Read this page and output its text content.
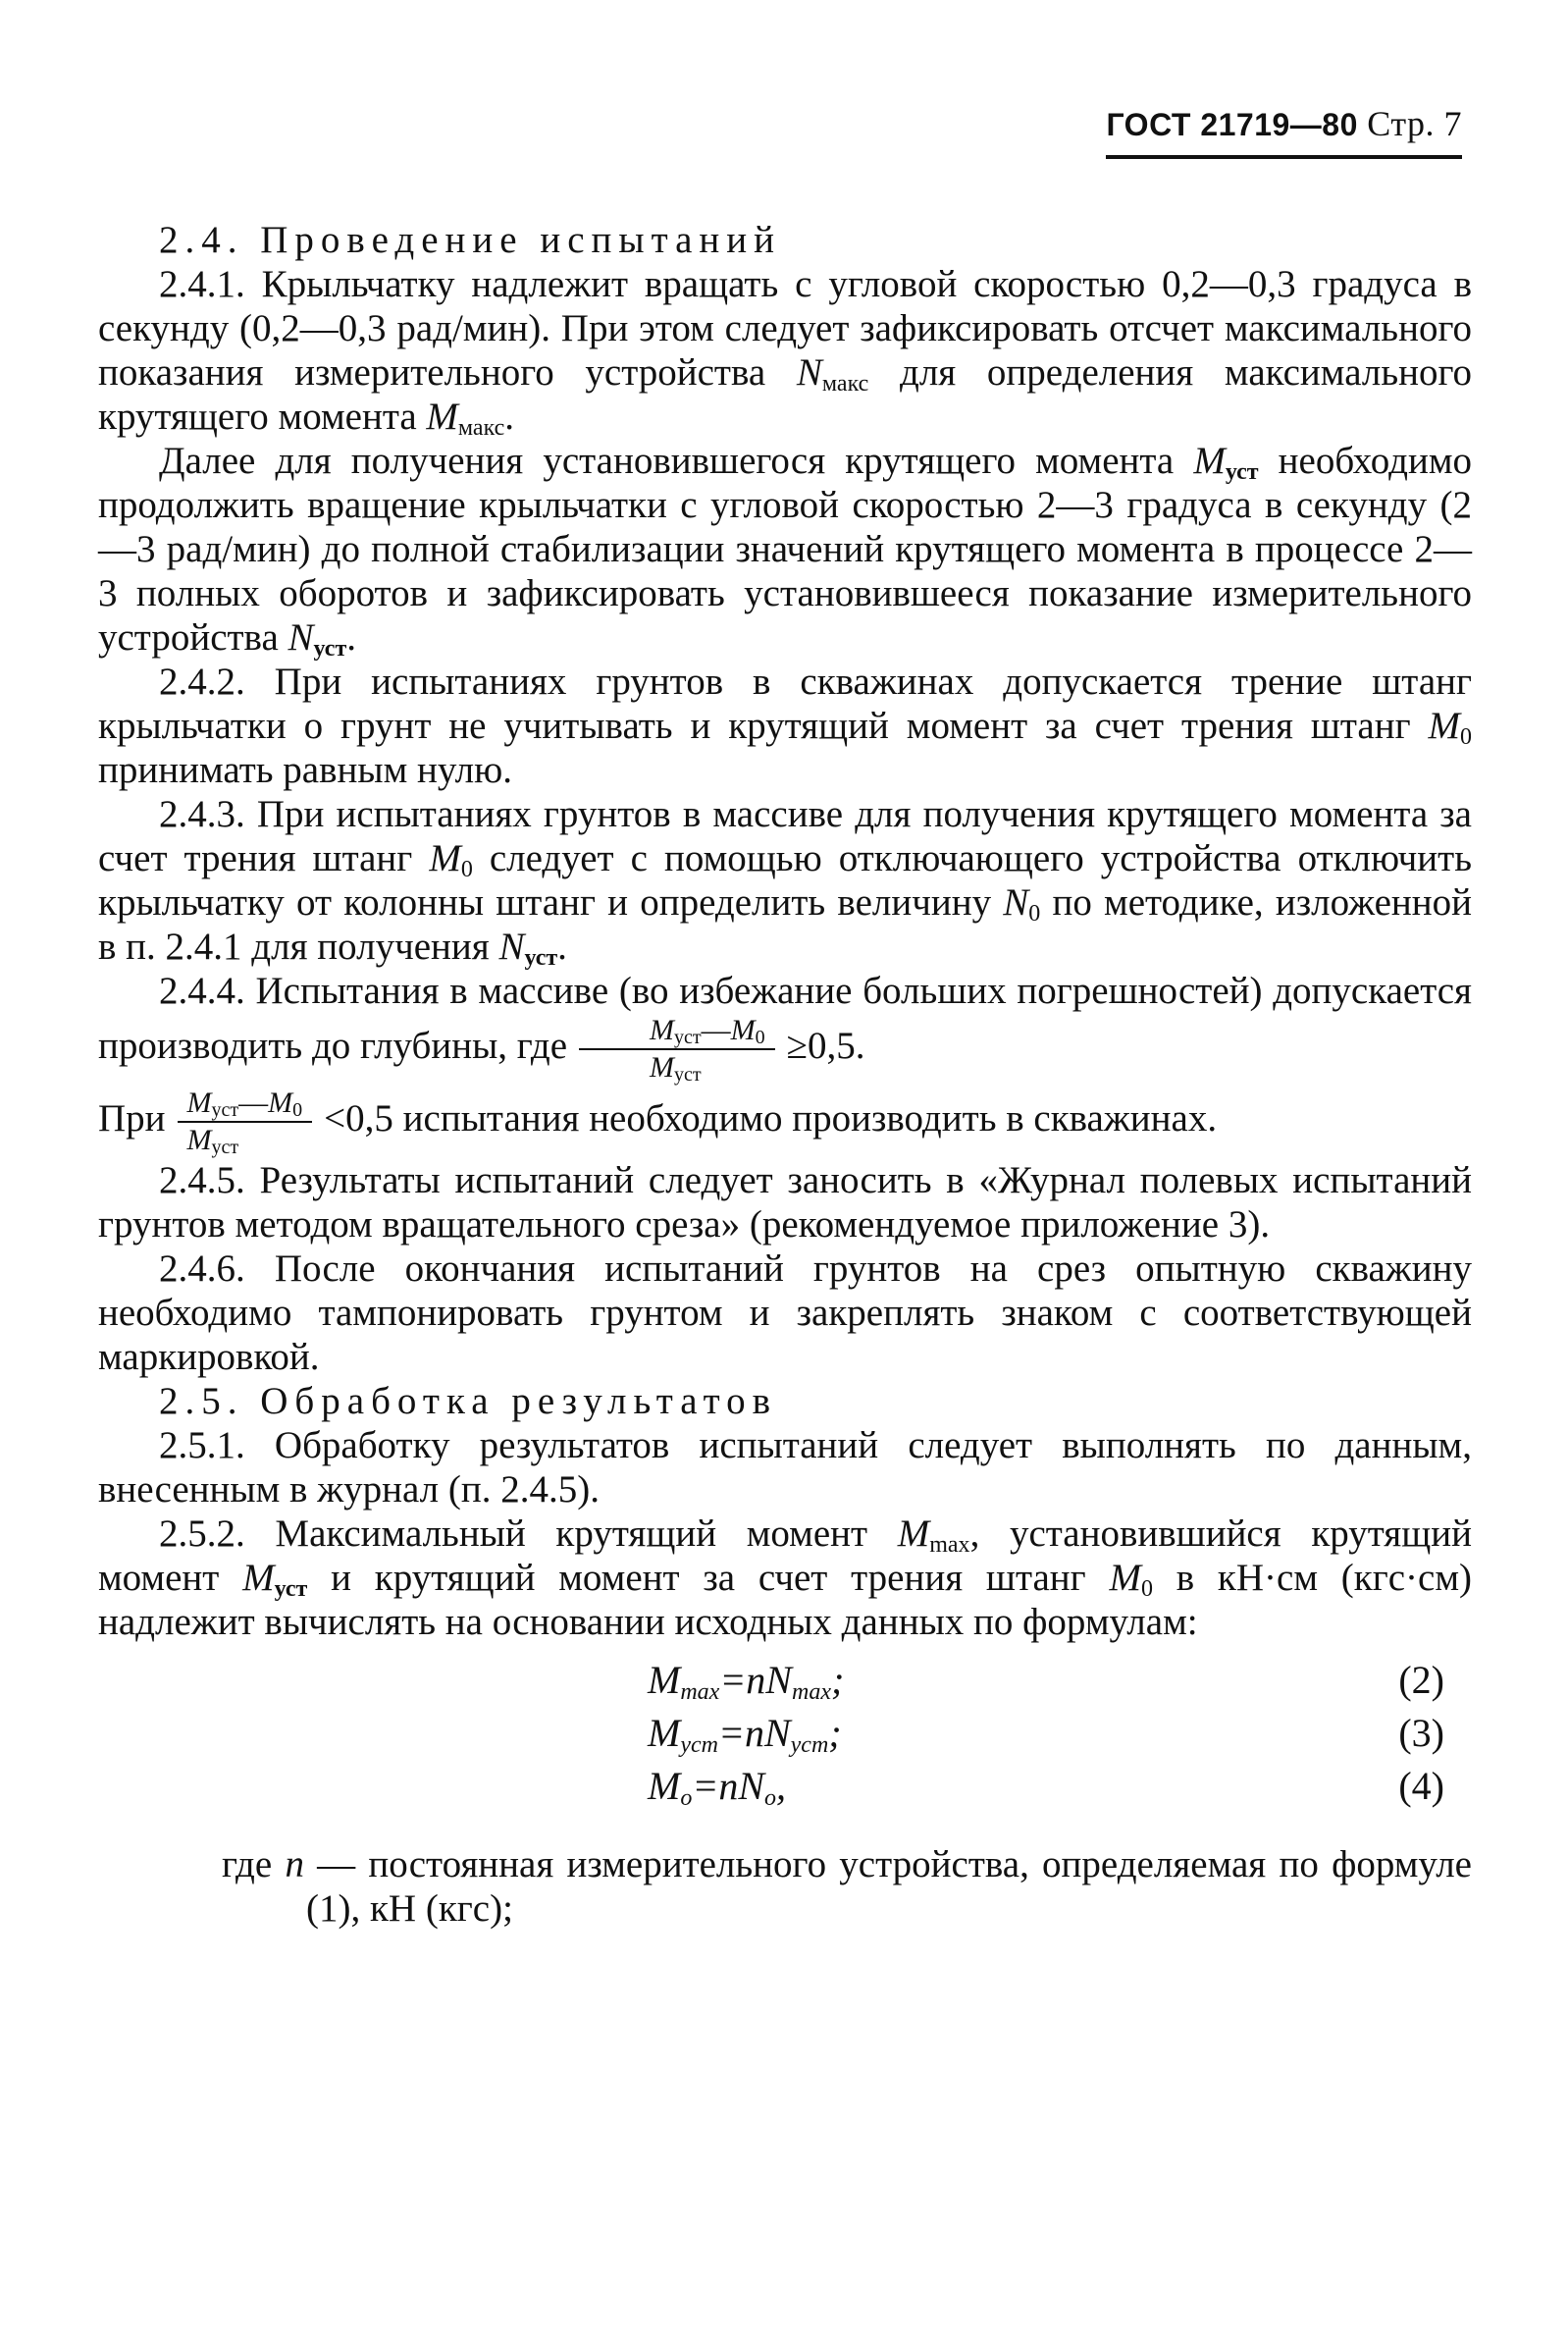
ГОСТ 21719—80 Стр. 7

2.4. Проведение испытаний

2.4.1. Крыльчатку надлежит вращать с угловой скоростью 0,2—0,3 градуса в секунду (0,2—0,3 рад/мин). При этом следует зафиксировать отсчет максимального показания измерительного устройства $N_{макс}$ для определения максимального крутящего момента $M_{макс}$.

Далее для получения установившегося крутящего момента $M_{уст}$ необходимо продолжить вращение крыльчатки с угловой скоростью 2—3 градуса в секунду (2—3 рад/мин) до полной стабилизации значений крутящего момента в процессе 2—3 полных оборотов и зафиксировать установившееся показание измерительного устройства $N_{уст}$.

2.4.2. При испытаниях грунтов в скважинах допускается трение штанг крыльчатки о грунт не учитывать и крутящий момент за счет трения штанг $M_0$ принимать равным нулю.

2.4.3. При испытаниях грунтов в массиве для получения крутящего момента за счет трения штанг $M_0$ следует с помощью отключающего устройства отключить крыльчатку от колонны штанг и определить величину $N_0$ по методике, изложенной в п. 2.4.1 для получения $N_{уст}$.

2.4.4. Испытания в массиве (во избежание больших погрешностей) допускается производить до глубины, где $\frac{M_{уст}—M_0}{M_{уст}} \ge 0,5$.

При $\frac{M_{уст}—M_0}{M_{уст}} <0,5$ испытания необходимо производить в скважинах.

2.4.5. Результаты испытаний следует заносить в «Журнал полевых испытаний грунтов методом вращательного среза» (рекомендуемое приложение 3).

2.4.6. После окончания испытаний грунтов на срез опытную скважину необходимо тампонировать грунтом и закреплять знаком с соответствующей маркировкой.

2.5. Обработка результатов

2.5.1. Обработку результатов испытаний следует выполнять по данным, внесенным в журнал (п. 2.4.5).

2.5.2. Максимальный крутящий момент $M_{max}$, установившийся крутящий момент $M_{уст}$ и крутящий момент за счет трения штанг $M_0$ в кН·см (кгс·см) надлежит вычислять на основании исходных данных по формулам:

$M_{max}=nN_{max}$;	(2)
$M_{уст}=nN_{уст}$;	(3)
$M_o=nN_o$,	(4)

где n — постоянная измерительного устройства, определяемая по формуле (1), кН (кгс);
